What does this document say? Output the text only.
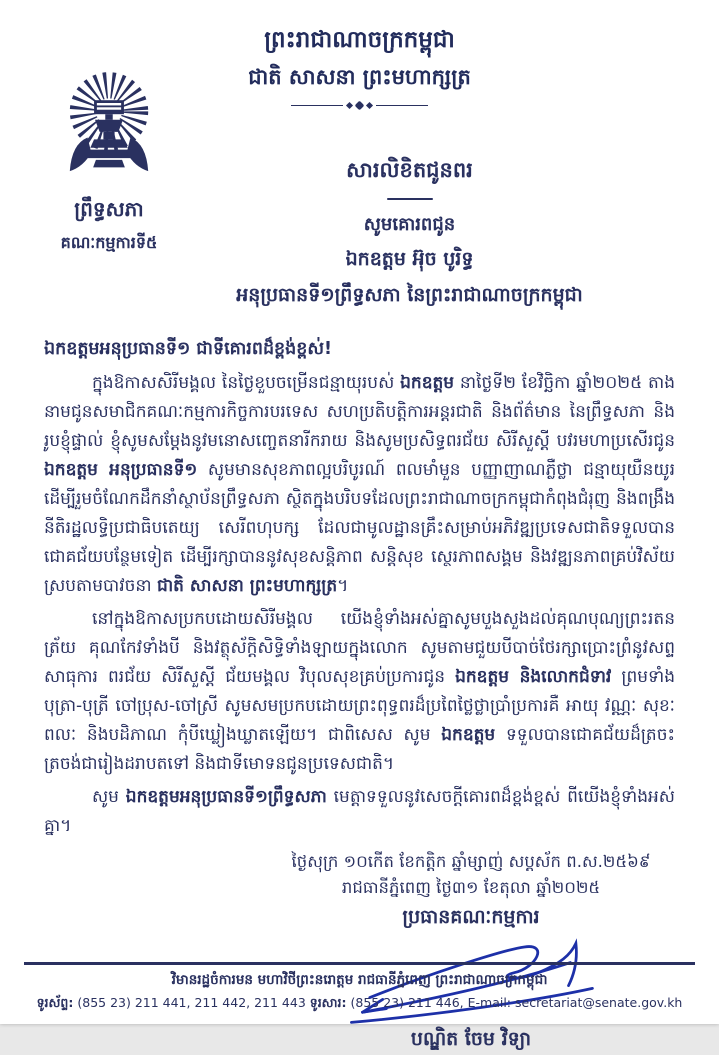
ព្រះរាជាណាចក្រកម្ពុជា
ជាតិ សាសនា ព្រះមហាក្សត្រ
ព្រឹទ្ធសភា
គណៈកម្មការទី៥
សារលិខិតជូនពរ
សូមគោរពជូន
ឯកឧត្តម អ៊ុច បូរិទ្ធ
អនុប្រធានទី១ព្រឹទ្ធសភា នៃព្រះរាជាណាចក្រកម្ពុជា
ឯកឧត្តមអនុប្រធានទី១ ជាទីគោរពដ៏ខ្ពង់ខ្ពស់!

ក្នុងឱកាសសិរីមង្គល នៃថ្ងៃខួបចម្រើនជន្មាយុរបស់ ឯកឧត្តម នាថ្ងៃទី២ ខែវិច្ឆិកា ឆ្នាំ២០២៥ តាងនាមជូនសមាជិកគណៈកម្មការកិច្ចការបរទេស សហប្រតិបត្តិការអន្តរជាតិ និងព័ត៌មាន នៃព្រឹទ្ធសភា និងរូបខ្ញុំផ្ទាល់ ខ្ញុំសូមសម្តែងនូវមនោសញ្ចេតនារីករាយ និងសូមប្រសិទ្ធពរជ័យ សិរីសួស្តី បវរមហាប្រសើរជូន ឯកឧត្តម អនុប្រធានទី១ សូមមានសុខភាពល្អបរិបូរណ៍ ពលមាំមួន បញ្ញាញាណភ្លឺថ្លា ជន្មាយុយឺនយូរ ដើម្បីរួមចំណែកដឹកនាំស្ថាប័នព្រឹទ្ធសភា ស្ថិតក្នុងបរិបទដែលព្រះរាជាណាចក្រកម្ពុជាកំពុងជំរុញ និងពង្រឹងនីតិរដ្ឋលទ្ធិប្រជាធិបតេយ្យ សេរីពហុបក្ស ដែលជាមូលដ្ឋានគ្រឹះសម្រាប់អភិវឌ្ឍប្រទេសជាតិទទួលបានជោគជ័យបន្ថែមទៀត ដើម្បីរក្សាបាននូវសុខសន្តិភាព សន្តិសុខ ស្ថេរភាពសង្គម និងវឌ្ឍនភាពគ្រប់វិស័យស្របតាមបាវចនា ជាតិ សាសនា ព្រះមហាក្សត្រ។

នៅក្នុងឱកាសប្រកបដោយសិរីមង្គល យើងខ្ញុំទាំងអស់គ្នាសូមបួងសួងដល់គុណបុណ្យព្រះរតនត្រ័យ គុណកែវទាំងបី និងវត្ថុស័ក្តិសិទ្ធិទាំងឡាយក្នុងលោក សូមតាមជួយបីបាច់ថែរក្សាប្រោះព្រំនូវសព្ទសាធុការ ពរជ័យ សិរីសួស្តី ជ័យមង្គល វិបុលសុខគ្រប់ប្រការជូន ឯកឧត្តម និងលោកជំទាវ ព្រមទាំងបុត្រា-បុត្រី ចៅប្រុស-ចៅស្រី សូមសមប្រកបដោយព្រះពុទ្ធពរដ៏ប្រពៃថ្លៃថ្លាប្រាំប្រការគឺ អាយុ វណ្ណៈ សុខៈ ពលៈ និងបដិភាណ កុំបីឃ្លៀងឃ្លាតឡើយ។ ជាពិសេស សូម ឯកឧត្តម ទទួលបានជោគជ័យដ៏ត្រចះត្រចង់ជារៀងដរាបតទៅ និងជាទីមោទនជូនប្រទេសជាតិ។

សូម ឯកឧត្តមអនុប្រធានទី១ព្រឹទ្ធសភា មេត្តាទទួលនូវសេចក្តីគោរពដ៏ខ្ពង់ខ្ពស់ ពីយើងខ្ញុំទាំងអស់គ្នា។

ថ្ងៃសុក្រ ១០កើត ខែកត្តិក ឆ្នាំម្សាញ់ សប្តស័ក ព.ស.២៥៦៩
រាជធានីភ្នំពេញ ថ្ងៃ៣១ ខែតុលា ឆ្នាំ២០២៥
ប្រធានគណៈកម្មការ
បណ្ឌិត ចែម វិទ្យា
វិមានរដ្ឋចំការមន មហាវិថីព្រះនរោត្តម រាជធានីភ្នំពេញ ព្រះរាជាណាចក្រកម្ពុជា
ទូរស័ព្ទ: (855 23) 211 441, 211 442, 211 443 ទូរសារ: (855 23) 211 446, E-mail: secretariat@senate.gov.kh
